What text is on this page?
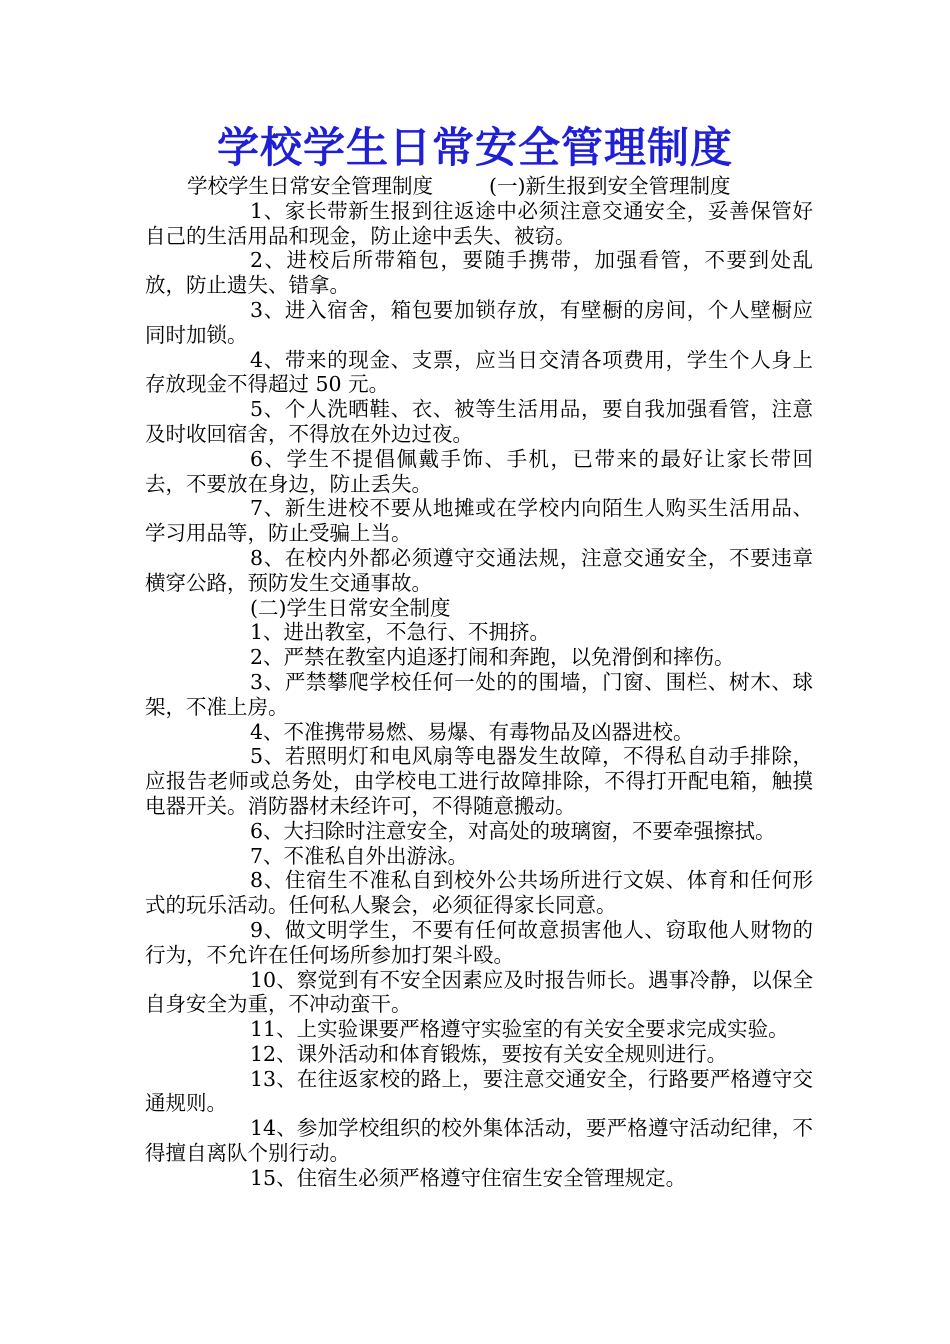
学校学生日常安全管理制度

学校学生日常安全管理制度	(一)新生报到安全管理制度

1、家长带新生报到往返途中必须注意交通安全，妥善保管好自己的生活用品和现金，防止途中丢失、被窃。

2、进校后所带箱包，要随手携带，加强看管，不要到处乱放，防止遗失、错拿。

3、进入宿舍，箱包要加锁存放，有壁橱的房间，个人壁橱应同时加锁。

4、带来的现金、支票，应当日交清各项费用，学生个人身上存放现金不得超过 50 元。

5、个人洗晒鞋、衣、被等生活用品，要自我加强看管，注意及时收回宿舍，不得放在外边过夜。

6、学生不提倡佩戴手饰、手机，已带来的最好让家长带回去，不要放在身边，防止丢失。

7、新生进校不要从地摊或在学校内向陌生人购买生活用品、学习用品等，防止受骗上当。

8、在校内外都必须遵守交通法规，注意交通安全，不要违章横穿公路，预防发生交通事故。

(二)学生日常安全制度

1、进出教室，不急行、不拥挤。

2、严禁在教室内追逐打闹和奔跑，以免滑倒和摔伤。

3、严禁攀爬学校任何一处的的围墙，门窗、围栏、树木、球架，不准上房。

4、不准携带易燃、易爆、有毒物品及凶器进校。

5、若照明灯和电风扇等电器发生故障，不得私自动手排除，应报告老师或总务处，由学校电工进行故障排除，不得打开配电箱，触摸电器开关。消防器材未经许可，不得随意搬动。

6、大扫除时注意安全，对高处的玻璃窗，不要牵强擦拭。

7、不准私自外出游泳。

8、住宿生不准私自到校外公共场所进行文娱、体育和任何形式的玩乐活动。任何私人聚会，必须征得家长同意。

9、做文明学生，不要有任何故意损害他人、窃取他人财物的行为，不允许在任何场所参加打架斗殴。

10、察觉到有不安全因素应及时报告师长。遇事冷静，以保全自身安全为重，不冲动蛮干。

11、上实验课要严格遵守实验室的有关安全要求完成实验。

12、课外活动和体育锻炼，要按有关安全规则进行。

13、在往返家校的路上，要注意交通安全，行路要严格遵守交通规则。

14、参加学校组织的校外集体活动，要严格遵守活动纪律，不得擅自离队个别行动。

15、住宿生必须严格遵守住宿生安全管理规定。
